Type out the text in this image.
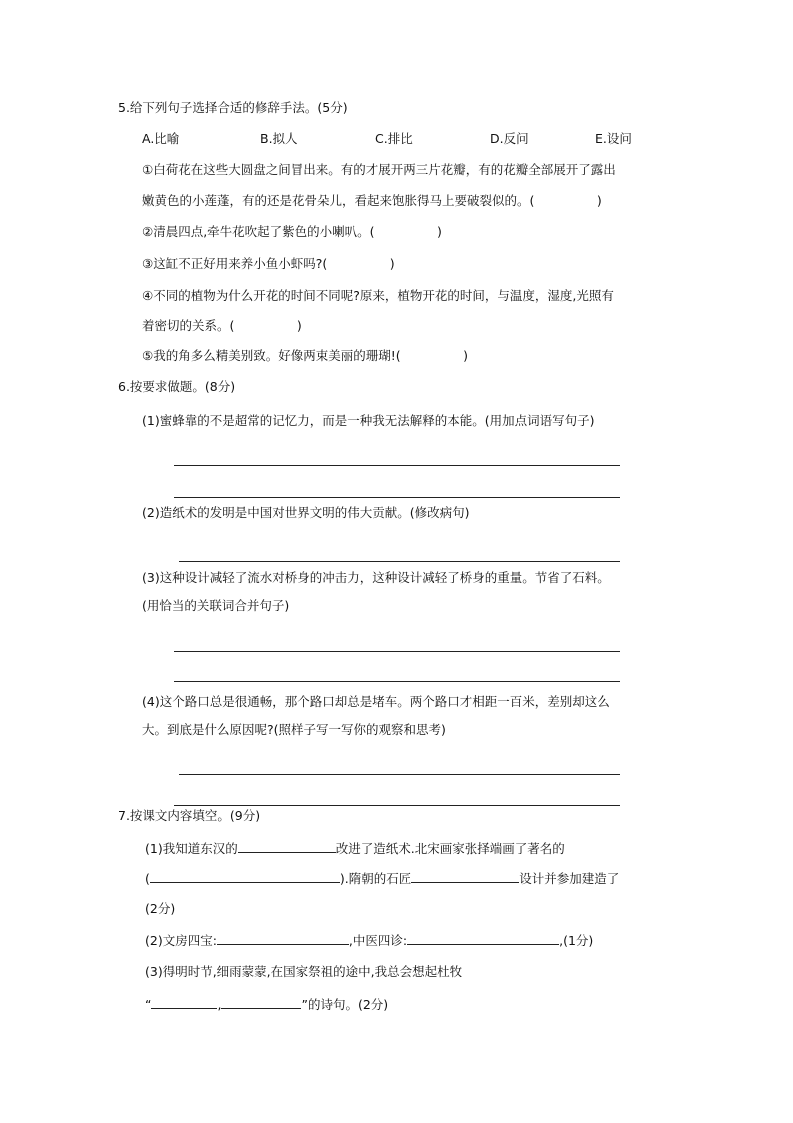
5.给下列句子选择合适的修辞手法。(5分)
A.比喻	B.拟人	C.排比	D.反问	E.设问
①白荷花在这些大圆盘之间冒出来。有的才展开两三片花瓣，有的花瓣全部展开了露出
嫩黄色的小莲蓬，有的还是花骨朵儿，看起来饱胀得马上要破裂似的。(　　　　　)
②清晨四点,牵牛花吹起了紫色的小喇叭。(　　　　　)
③这缸不正好用来养小鱼小虾吗?(　　　　　)
④不同的植物为什么开花的时间不同呢?原来，植物开花的时间，与温度，湿度,光照有
着密切的关系。(　　　　　)
⑤我的角多么精美别致。好像两束美丽的珊瑚!(　　　　　)
6.按要求做题。(8分)
(1)蜜蜂靠的不是超常的记忆力，而是一种我无法解释的本能。(用加点词语写句子)
(2)造纸术的发明是中国对世界文明的伟大贡献。(修改病句)
(3)这种设计减轻了流水对桥身的冲击力，这种设计减轻了桥身的重量。节省了石料。
(用恰当的关联词合并句子)
(4)这个路口总是很通畅，那个路口却总是堵车。两个路口才相距一百米，差别却这么
大。到底是什么原因呢?(照样子写一写你的观察和思考)
7.按课文内容填空。(9分)
(1)我知道东汉的	改进了造纸术.北宋画家张择端画了著名的
(	).隋朝的石匠	设计并参加建造了
(2分)
(2)文房四宝:	,中医四诊:	,(1分)
(3)得明时节,细雨蒙蒙,在国家祭祖的途中,我总会想起杜牧
“	,	”的诗句。(2分)
